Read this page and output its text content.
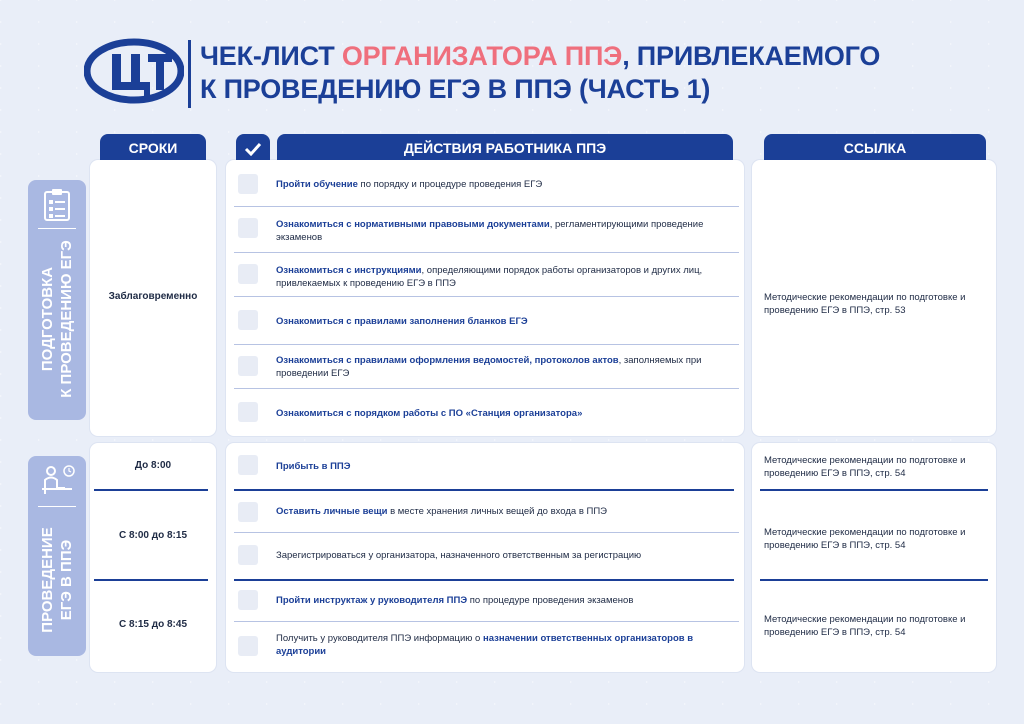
ЧЕК-ЛИСТ ОРГАНИЗАТОРА ППЭ, ПРИВЛЕКАЕМОГО
К ПРОВЕДЕНИЮ ЕГЭ В ППЭ (ЧАСТЬ 1)
СРОКИ	ДЕЙСТВИЯ РАБОТНИКА ППЭ	ССЫЛКА
ПОДГОТОВКА К ПРОВЕДЕНИЮ ЕГЭ
ПРОВЕДЕНИЕ ЕГЭ В ППЭ
Заблаговременно
До 8:00
С 8:00 до 8:15
С 8:15 до 8:45
Пройти обучение по порядку и процедуре проведения ЕГЭ
Ознакомиться с нормативными правовыми документами, регламентирующими проведение экзаменов
Ознакомиться с инструкциями, определяющими порядок работы организаторов и других лиц, привлекаемых к проведению ЕГЭ в ППЭ
Ознакомиться с правилами заполнения бланков ЕГЭ
Ознакомиться с правилами оформления ведомостей, протоколов актов, заполняемых при проведении ЕГЭ
Ознакомиться с порядком работы с ПО «Станция организатора»
Прибыть в ППЭ
Оставить личные вещи в месте хранения личных вещей до входа в ППЭ
Зарегистрироваться у организатора, назначенного ответственным за регистрацию
Пройти инструктаж у руководителя ППЭ по процедуре проведения экзаменов
Получить у руководителя ППЭ информацию о назначении ответственных организаторов в аудитории
Методические рекомендации по подготовке и проведению ЕГЭ в ППЭ, стр. 53
Методические рекомендации по подготовке и проведению ЕГЭ в ППЭ, стр. 54
Методические рекомендации по подготовке и проведению ЕГЭ в ППЭ, стр. 54
Методические рекомендации по подготовке и проведению ЕГЭ в ППЭ, стр. 54
